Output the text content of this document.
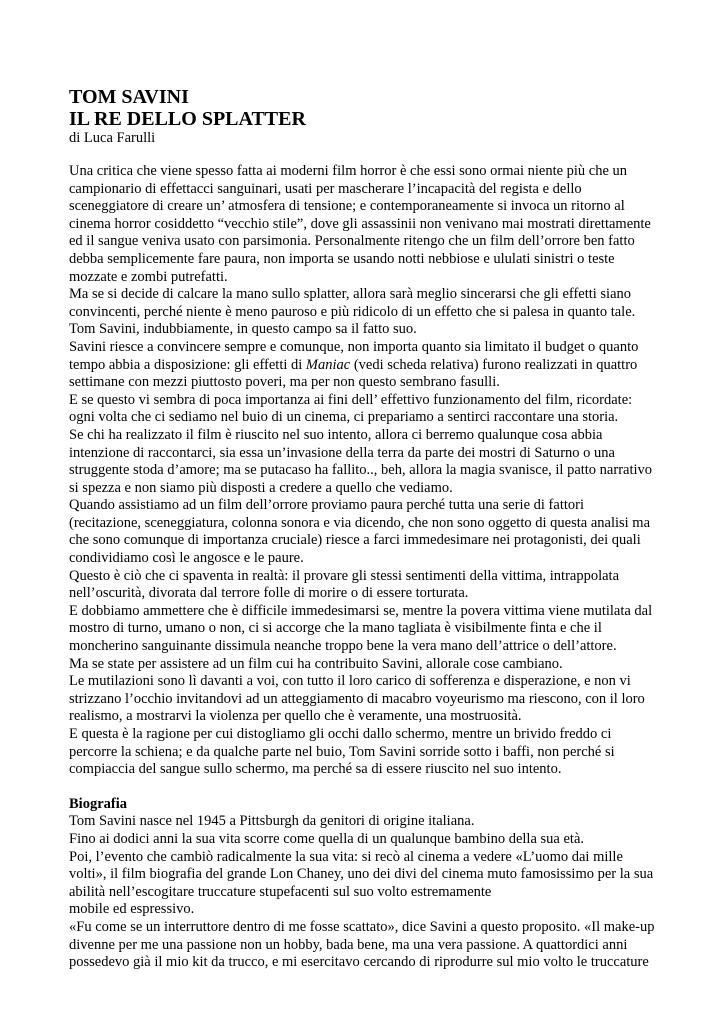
TOM SAVINI
IL RE DELLO SPLATTER

di Luca Farulli

Una critica che viene spesso fatta ai moderni film horror è che essi sono ormai niente più che un campionario di effettacci sanguinari, usati per mascherare l’incapacità del regista e dello sceneggiatore di creare un’ atmosfera di tensione; e contemporaneamente si invoca un ritorno al cinema horror cosiddetto “vecchio stile”, dove gli assassinii non venivano mai mostrati direttamente ed il sangue veniva usato con parsimonia. Personalmente ritengo che un film dell’orrore ben fatto debba semplicemente fare paura, non importa se usando notti nebbiose e ululati sinistri o teste mozzate e zombi putrefatti.

Ma se si decide di calcare la mano sullo splatter, allora sarà meglio sincerarsi che gli effetti siano convincenti, perché niente è meno pauroso e più ridicolo di un effetto che si palesa in quanto tale.

Tom Savini, indubbiamente, in questo campo sa il fatto suo.

Savini riesce a convincere sempre e comunque, non importa quanto sia limitato il budget o quanto tempo abbia a disposizione: gli effetti di Maniac (vedi scheda relativa) furono realizzati in quattro settimane con mezzi piuttosto poveri, ma per non questo sembrano fasulli.

E se questo vi sembra di poca importanza ai fini dell’ effettivo funzionamento del film, ricordate: ogni volta che ci sediamo nel buio di un cinema, ci prepariamo a sentirci raccontare una storia.

Se chi ha realizzato il film è riuscito nel suo intento, allora ci berremo qualunque cosa abbia intenzione di raccontarci, sia essa un’invasione della terra da parte dei mostri di Saturno o una struggente stoda d’amore; ma se putacaso ha fallito.., beh, allora la magia svanisce, il patto narrativo si spezza e non siamo più disposti a credere a quello che vediamo.

Quando assistiamo ad un film dell’orrore proviamo paura perché tutta una serie di fattori (recitazione, sceneggiatura, colonna sonora e via dicendo, che non sono oggetto di questa analisi ma che sono comunque di importanza cruciale) riesce a farci immedesimare nei protagonisti, dei quali condividiamo così le angosce e le paure.

Questo è ciò che ci spaventa in realtà: il provare gli stessi sentimenti della vittima, intrappolata nell’oscurità, divorata dal terrore folle di morire o di essere torturata.

E dobbiamo ammettere che è difficile immedesimarsi se, mentre la povera vittima viene mutilata dal mostro di turno, umano o non, ci si accorge che la mano tagliata è visibilmente finta e che il moncherino sanguinante dissimula neanche troppo bene la vera mano dell’attrice o dell’attore.

Ma se state per assistere ad un film cui ha contribuito Savini, allorale cose cambiano.

Le mutilazioni sono lì davanti a voi, con tutto il loro carico di sofferenza e disperazione, e non vi strizzano l’occhio invitandovi ad un atteggiamento di macabro voyeurismo ma riescono, con il loro realismo, a mostrarvi la violenza per quello che è veramente, una mostruosità.

E questa è la ragione per cui distogliamo gli occhi dallo schermo, mentre un brivido freddo ci percorre la schiena; e da qualche parte nel buio, Tom Savini sorride sotto i baffi, non perché si compiaccia del sangue sullo schermo, ma perché sa di essere riuscito nel suo intento.

Biografia

Tom Savini nasce nel 1945 a Pittsburgh da genitori di origine italiana.

Fino ai dodici anni la sua vita scorre come quella di un qualunque bambino della sua età.

Poi, l’evento che cambiò radicalmente la sua vita: si recò al cinema a vedere «L’uomo dai mille volti», il film biografia del grande Lon Chaney, uno dei divi del cinema muto famosissimo per la sua abilità nell’escogitare truccature stupefacenti sul suo volto estremamente

mobile ed espressivo.

«Fu come se un interruttore dentro di me fosse scattato», dice Savini a questo proposito. «Il make-up divenne per me una passione non un hobby, bada bene, ma una vera passione. A quattordici anni possedevo già il mio kit da trucco, e mi esercitavo cercando di riprodurre sul mio volto le truccature
